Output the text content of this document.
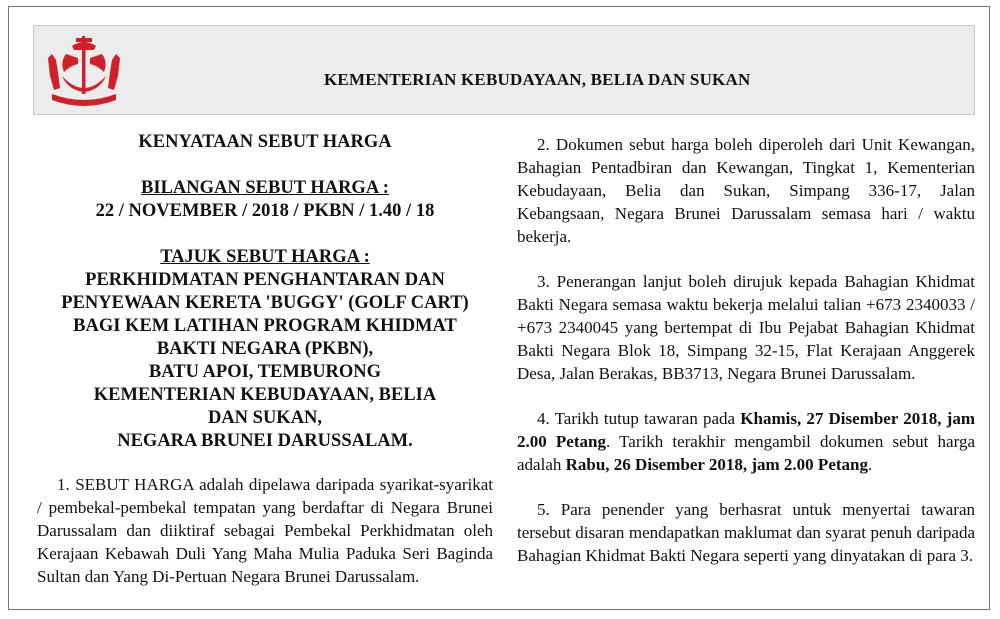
KEMENTERIAN KEBUDAYAAN, BELIA DAN SUKAN
KENYATAAN SEBUT HARGA
BILANGAN SEBUT HARGA :
22 / NOVEMBER / 2018 / PKBN / 1.40 / 18
TAJUK SEBUT HARGA :
PERKHIDMATAN PENGHANTARAN DAN
PENYEWAAN KERETA 'BUGGY' (GOLF CART)
BAGI KEM LATIHAN PROGRAM KHIDMAT
BAKTI NEGARA (PKBN),
BATU APOI, TEMBURONG
KEMENTERIAN KEBUDAYAAN, BELIA
DAN SUKAN,
NEGARA BRUNEI DARUSSALAM.

1. SEBUT HARGA adalah dipelawa daripada syarikat-syarikat / pembekal-pembekal tempatan yang berdaftar di Negara Brunei Darussalam dan diiktiraf sebagai Pembekal Perkhidmatan oleh Kerajaan Kebawah Duli Yang Maha Mulia Paduka Seri Baginda Sultan dan Yang Di-Pertuan Negara Brunei Darussalam.

2. Dokumen sebut harga boleh diperoleh dari Unit Kewangan, Bahagian Pentadbiran dan Kewangan, Tingkat 1, Kementerian Kebudayaan, Belia dan Sukan, Simpang 336-17, Jalan Kebangsaan, Negara Brunei Darussalam semasa hari / waktu bekerja.

3. Penerangan lanjut boleh dirujuk kepada Bahagian Khidmat Bakti Negara semasa waktu bekerja melalui talian +673 2340033 / +673 2340045 yang bertempat di Ibu Pejabat Bahagian Khidmat Bakti Negara Blok 18, Simpang 32-15, Flat Kerajaan Anggerek Desa, Jalan Berakas, BB3713, Negara Brunei Darussalam.

4. Tarikh tutup tawaran pada Khamis, 27 Disember 2018, jam 2.00 Petang. Tarikh terakhir mengambil dokumen sebut harga adalah Rabu, 26 Disember 2018, jam 2.00 Petang.

5. Para penender yang berhasrat untuk menyertai tawaran tersebut disaran mendapatkan maklumat dan syarat penuh daripada Bahagian Khidmat Bakti Negara seperti yang dinyatakan di para 3.
